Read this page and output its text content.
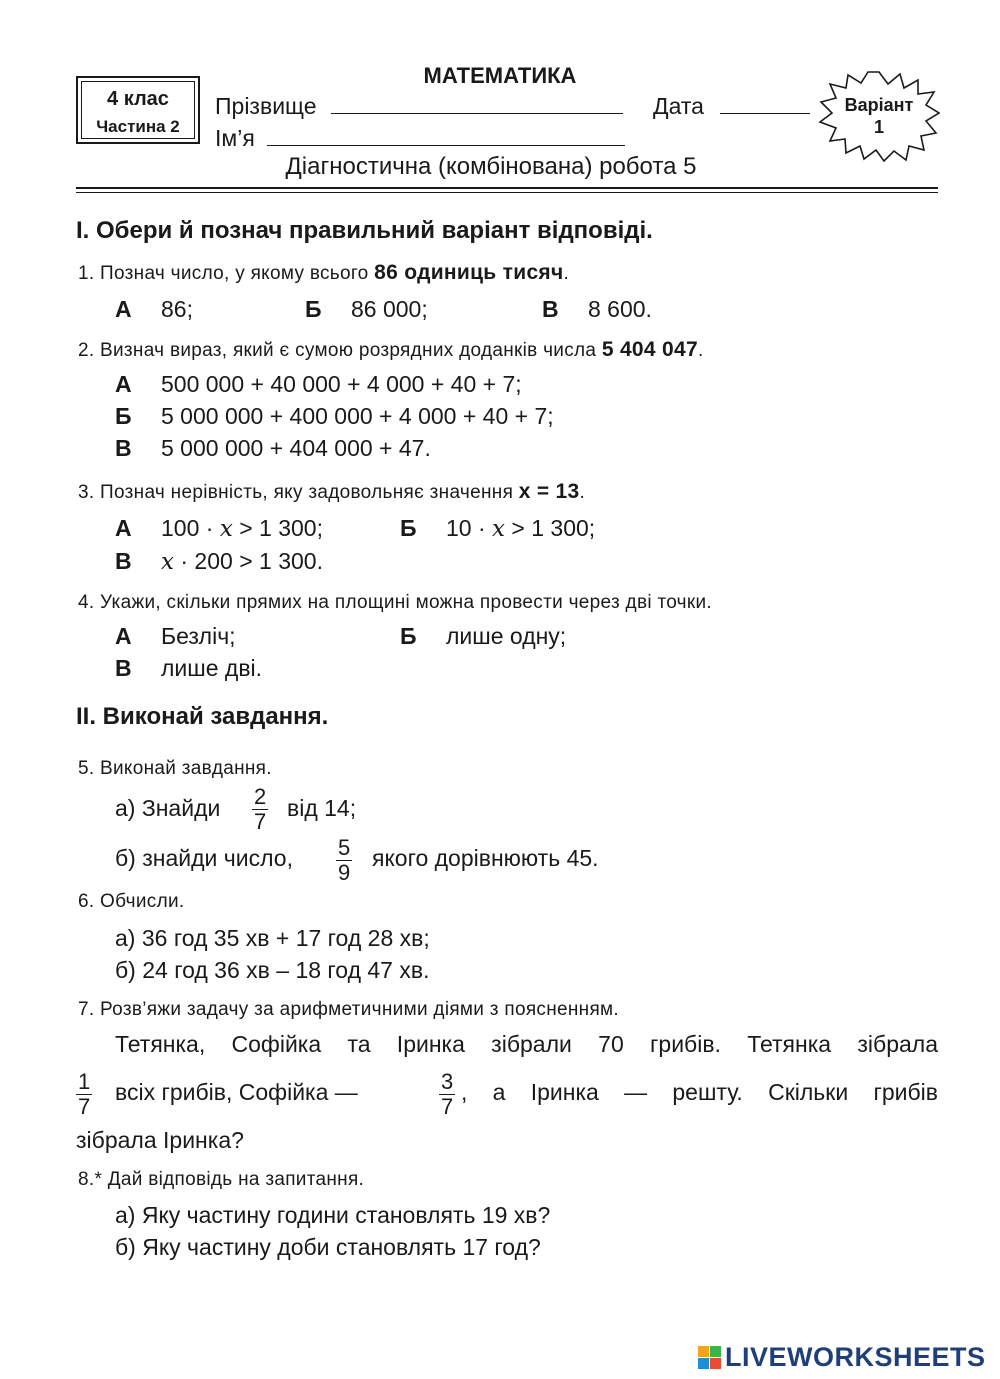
МАТЕМАТИКА
4 клас
Частина 2
Прізвище	Дата
Ім’я
Варіант
1
Діагностична (комбінована) робота 5
І. Обери й познач правильний варіант відповіді.
1. Познач число, у якому всього 86 одиниць тисяч.
А 86;	Б 86 000;	В 8 600.
2. Визнач вираз, який є сумою розрядних доданків числа 5 404 047.
А 500 000 + 40 000 + 4 000 + 40 + 7;
Б 5 000 000 + 400 000 + 4 000 + 40 + 7;
В 5 000 000 + 404 000 + 47.
3. Познач нерівність, яку задовольняє значення x = 13.
А 100 · x > 1 300;	Б 10 · x > 1 300;
В x · 200 > 1 300.
4. Укажи, скільки прямих на площині можна провести через дві точки.
А Безліч;	Б лише одну;
В лише дві.
ІІ. Виконай завдання.
5. Виконай завдання.
а) Знайди $\frac{2}{7}$ від 14;
б) знайди число, $\frac{5}{9}$ якого дорівнюють 45.
6. Обчисли.
а) 36 год 35 хв + 17 год 28 хв;
б) 24 год 36 хв – 18 год 47 хв.
7. Розв’яжи задачу за арифметичними діями з поясненням.
Тетянка, Софійка та Іринка зібрали 70 грибів. Тетянка зібрала
$\frac{1}{7}$ всіх грибів, Софійка —	$\frac{3}{7}$ , а Іринка — решту. Скільки грибів
зібрала Іринка?
8.* Дай відповідь на запитання.
а) Яку частину години становлять 19 хв?
б) Яку частину доби становлять 17 год?
LIVEWORKSHEETS
